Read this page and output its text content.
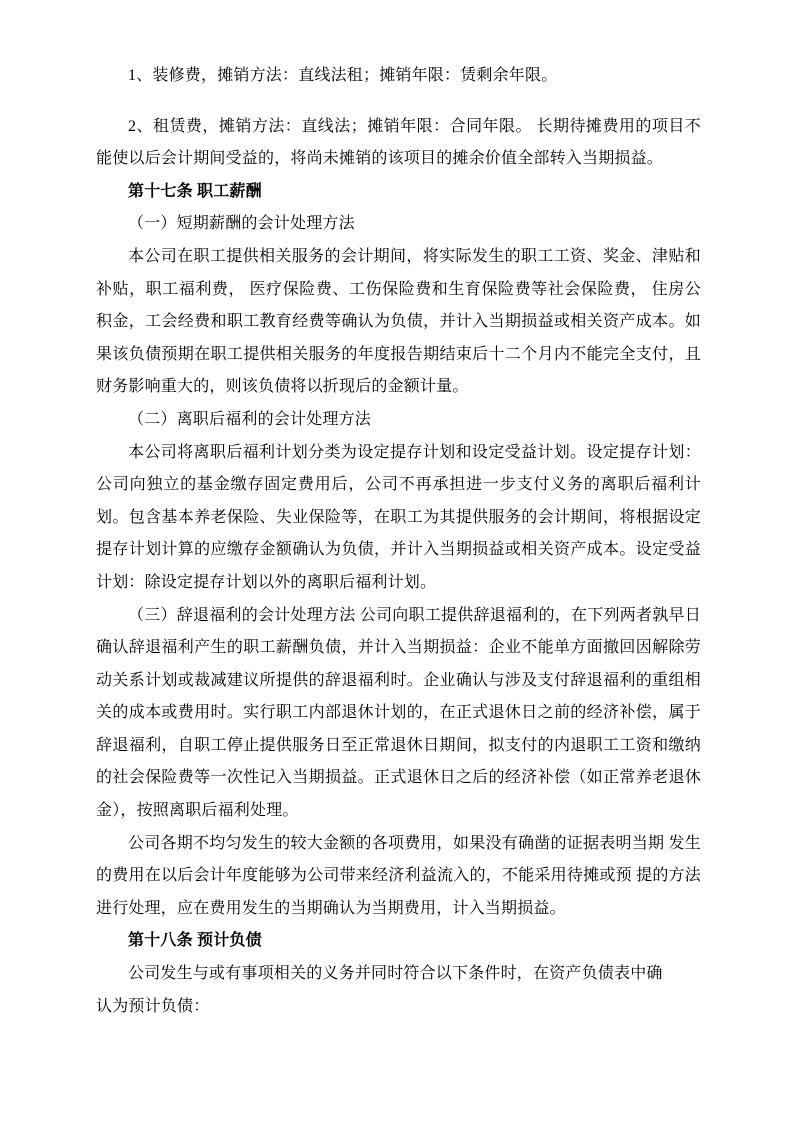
1、装修费，摊销方法：直线法租；摊销年限：赁剩余年限。

2、租赁费，摊销方法：直线法；摊销年限：合同年限。 长期待摊费用的项目不能使以后会计期间受益的，将尚未摊销的该项目的摊余价值全部转入当期损益。

第十七条 职工薪酬

（一）短期薪酬的会计处理方法

本公司在职工提供相关服务的会计期间，将实际发生的职工工资、奖金、津贴和补贴，职工福利费， 医疗保险费、工伤保险费和生育保险费等社会保险费， 住房公积金，工会经费和职工教育经费等确认为负债，并计入当期损益或相关资产成本。如果该负债预期在职工提供相关服务的年度报告期结束后十二个月内不能完全支付，且财务影响重大的，则该负债将以折现后的金额计量。

（二）离职后福利的会计处理方法

本公司将离职后福利计划分类为设定提存计划和设定受益计划。设定提存计划：公司向独立的基金缴存固定费用后，公司不再承担进一步支付义务的离职后福利计划。包含基本养老保险、失业保险等，在职工为其提供服务的会计期间，将根据设定提存计划计算的应缴存金额确认为负债，并计入当期损益或相关资产成本。设定受益计划：除设定提存计划以外的离职后福利计划。

（三）辞退福利的会计处理方法 公司向职工提供辞退福利的，在下列两者孰早日确认辞退福利产生的职工薪酬负债，并计入当期损益：企业不能单方面撤回因解除劳动关系计划或裁减建议所提供的辞退福利时。企业确认与涉及支付辞退福利的重组相关的成本或费用时。实行职工内部退休计划的，在正式退休日之前的经济补偿，属于辞退福利，自职工停止提供服务日至正常退休日期间，拟支付的内退职工工资和缴纳的社会保险费等一次性记入当期损益。正式退休日之后的经济补偿（如正常养老退休金），按照离职后福利处理。

公司各期不均匀发生的较大金额的各项费用，如果没有确凿的证据表明当期 发生的费用在以后会计年度能够为公司带来经济利益流入的，不能采用待摊或预 提的方法进行处理，应在费用发生的当期确认为当期费用，计入当期损益。

第十八条 预计负债

公司发生与或有事项相关的义务并同时符合以下条件时，在资产负债表中确
认为预计负债：
